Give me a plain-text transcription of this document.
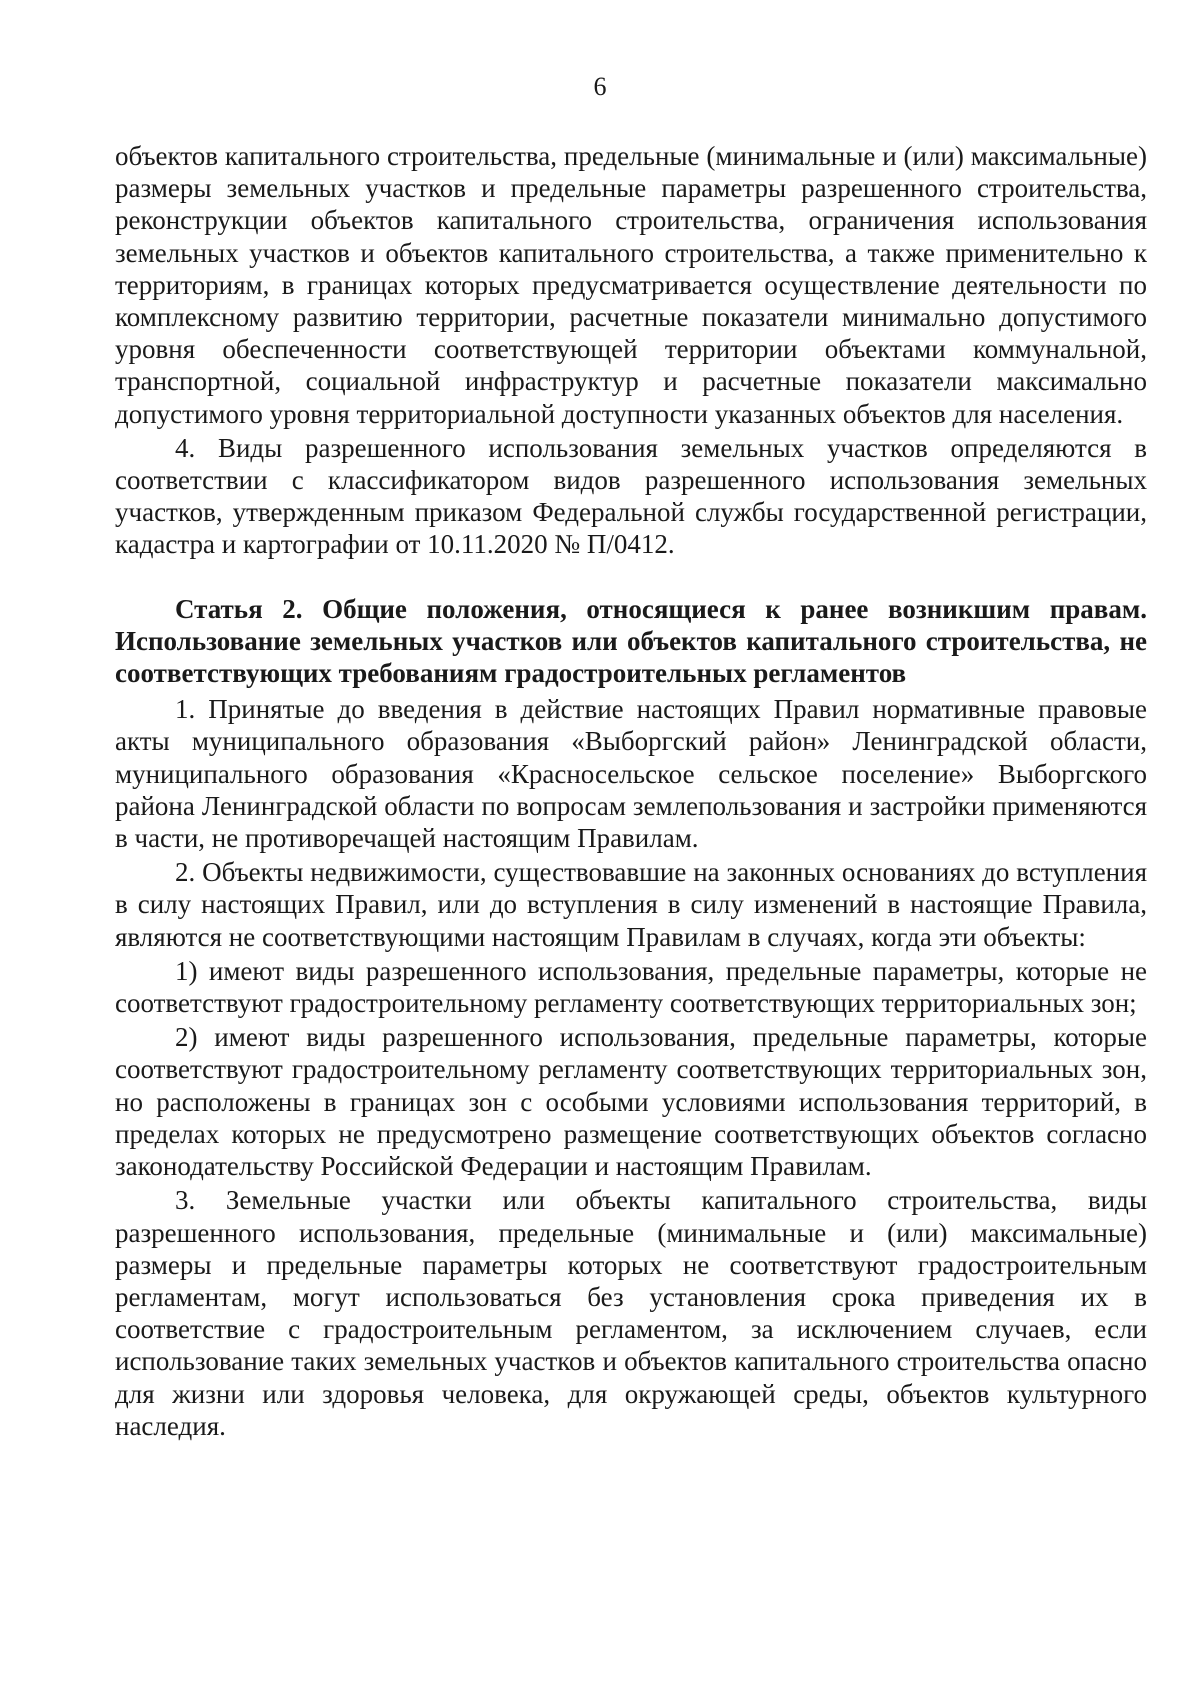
6

объектов капитального строительства, предельные (минимальные и (или) максимальные) размеры земельных участков и предельные параметры разрешенного строительства, реконструкции объектов капитального строительства, ограничения использования земельных участков и объектов капитального строительства, а также применительно к территориям, в границах которых предусматривается осуществление деятельности по комплексному развитию территории, расчетные показатели минимально допустимого уровня обеспеченности соответствующей территории объектами коммунальной, транспортной, социальной инфраструктур и расчетные показатели максимально допустимого уровня территориальной доступности указанных объектов для населения.

4. Виды разрешенного использования земельных участков определяются в соответствии с классификатором видов разрешенного использования земельных участков, утвержденным приказом Федеральной службы государственной регистрации, кадастра и картографии от 10.11.2020 № П/0412.

Статья 2. Общие положения, относящиеся к ранее возникшим правам. Использование земельных участков или объектов капитального строительства, не соответствующих требованиям градостроительных регламентов

1. Принятые до введения в действие настоящих Правил нормативные правовые акты муниципального образования «Выборгский район» Ленинградской области, муниципального образования «Красносельское сельское поселение» Выборгского района Ленинградской области по вопросам землепользования и застройки применяются в части, не противоречащей настоящим Правилам.

2. Объекты недвижимости, существовавшие на законных основаниях до вступления в силу настоящих Правил, или до вступления в силу изменений в настоящие Правила, являются не соответствующими настоящим Правилам в случаях, когда эти объекты:

1) имеют виды разрешенного использования, предельные параметры, которые не соответствуют градостроительному регламенту соответствующих территориальных зон;

2) имеют виды разрешенного использования, предельные параметры, которые соответствуют градостроительному регламенту соответствующих территориальных зон, но расположены в границах зон с особыми условиями использования территорий, в пределах которых не предусмотрено размещение соответствующих объектов согласно законодательству Российской Федерации и настоящим Правилам.

3. Земельные участки или объекты капитального строительства, виды разрешенного использования, предельные (минимальные и (или) максимальные) размеры и предельные параметры которых не соответствуют градостроительным регламентам, могут использоваться без установления срока приведения их в соответствие с градостроительным регламентом, за исключением случаев, если использование таких земельных участков и объектов капитального строительства опасно для жизни или здоровья человека, для окружающей среды, объектов культурного наследия.
